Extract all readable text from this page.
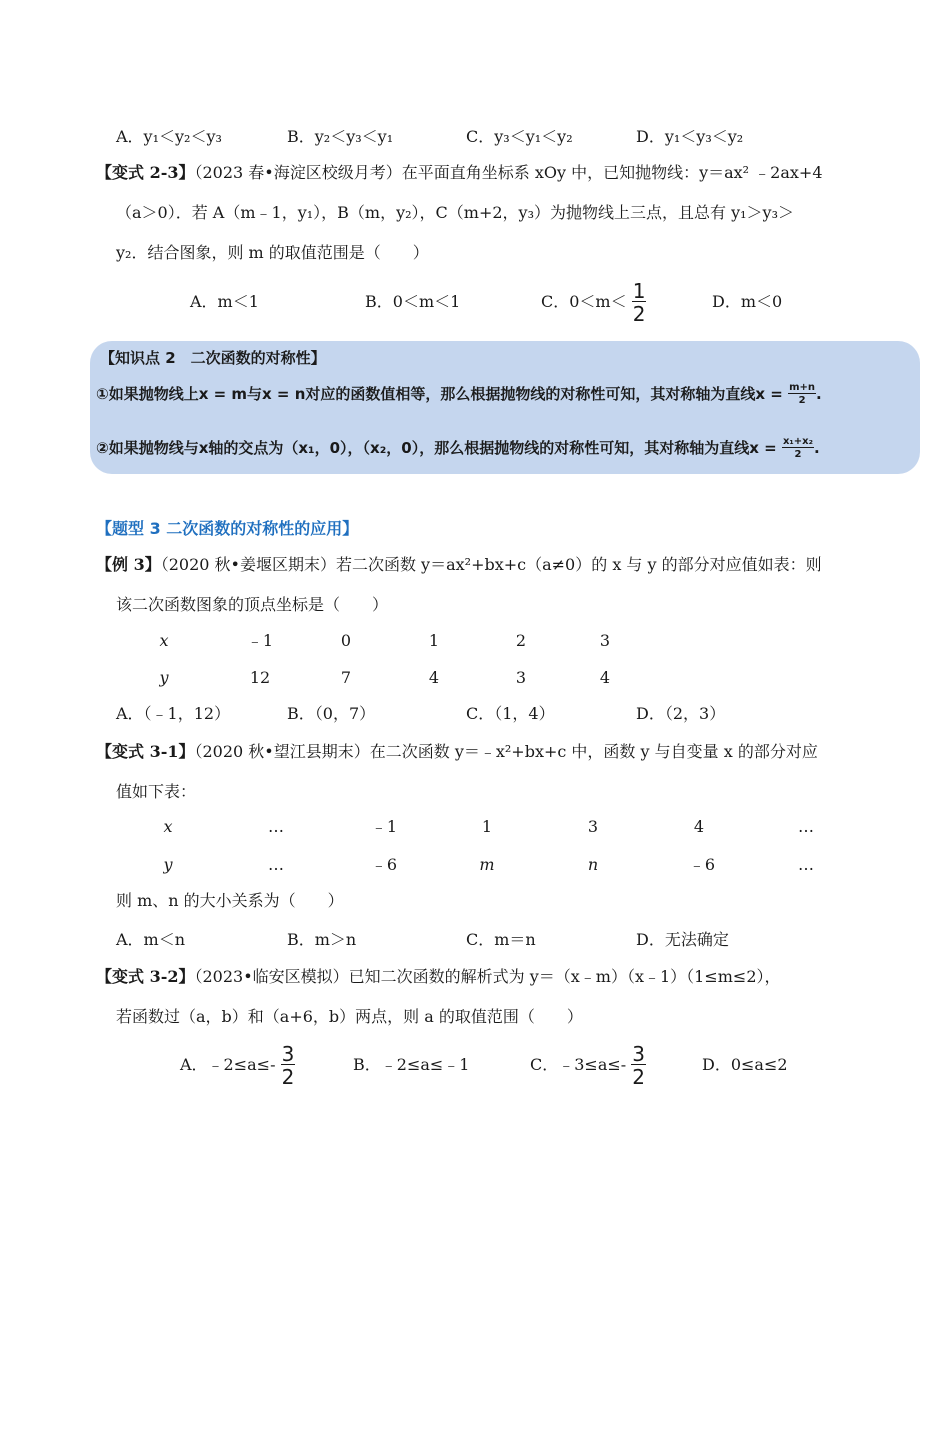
A．y₁＜y₂＜y₃	B．y₂＜y₃＜y₁	C．y₃＜y₁＜y₂	D．y₁＜y₃＜y₂
【变式 2-3】（2023 春•海淀区校级月考）在平面直角坐标系 xOy 中，已知抛物线：y＝ax² ﹣2ax+4
（a＞0）．若 A（m﹣1，y₁），B（m，y₂），C（m+2，y₃）为抛物线上三点，且总有 y₁＞y₃＞
y₂．结合图象，则 m 的取值范围是（　　）
A．m＜1	B．0＜m＜1	C．$0<m< \frac{1}{2}$	D．m＜0
【知识点 2　二次函数的对称性】
①如果抛物线上x = m与x = n对应的函数值相等，那么根据抛物线的对称性可知，其对称轴为直线$x = \frac{m+n}{2}$ .
②如果抛物线与x轴的交点为（x₁，0），（x₂，0），那么根据抛物线的对称性可知，其对称轴为直线$x = \frac{\text{x₁+x₂}}{2}$ .
【题型 3 二次函数的对称性的应用】
【例 3】（2020 秋•姜堰区期末）若二次函数 y＝ax²+bx+c（a≠0）的 x 与 y 的部分对应值如表：则
该二次函数图象的顶点坐标是（　　）
x	﹣1	0	1	2	3
y	12	7	4	3	4
A．（﹣1，12）	B．（0，7）	C．（1，4）	D．（2，3）
【变式 3-1】（2020 秋•望江县期末）在二次函数 y＝﹣x²+bx+c 中，函数 y 与自变量 x 的部分对应
值如下表：
x	…	﹣1	1	3	4	…
y	…	﹣6	m	n	﹣6	…
则 m、n 的大小关系为（　　）
A．m＜n	B．m＞n	C．m＝n	D．无法确定
【变式 3-2】（2023•临安区模拟）已知二次函数的解析式为 y＝（x﹣m）（x﹣1）（1≤m≤2），
若函数过（a，b）和（a+6，b）两点，则 a 的取值范围（　　）
A．﹣2≤a≤- $\frac{3}{2}$	B．﹣2≤a≤﹣1	C．﹣3≤a≤- $\frac{3}{2}$	D．0≤a≤2
